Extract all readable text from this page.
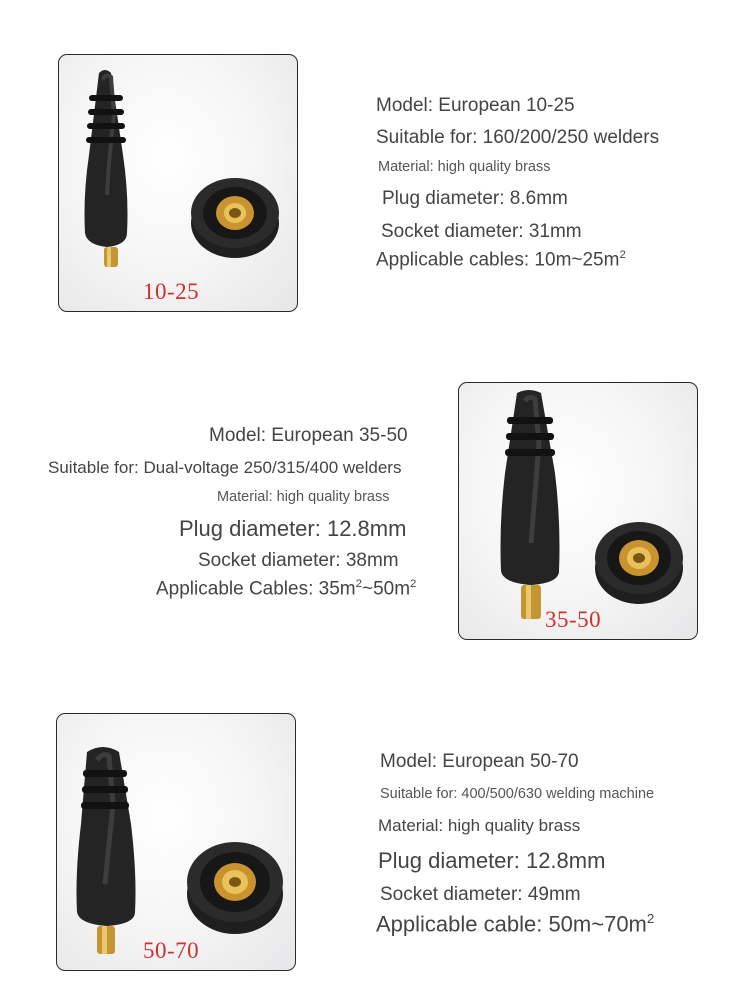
10-25
Model: European 10-25
Suitable for: 160/200/250 welders
Material: high quality brass
Plug diameter: 8.6mm
Socket diameter: 31mm
Applicable cables: $10m\sim 25m^2$
35-50
Model: European 35-50
Suitable for: Dual-voltage 250/315/400 welders
Material: high quality brass
Plug diameter: 12.8mm
Socket diameter: 38mm
Applicable Cables: $35m^2\sim 50m^2$
50-70
Model: European 50-70
Suitable for: 400/500/630 welding machine
Material: high quality brass
Plug diameter: 12.8mm
Socket diameter: 49mm
Applicable cable: $50m\sim 70m^2$
